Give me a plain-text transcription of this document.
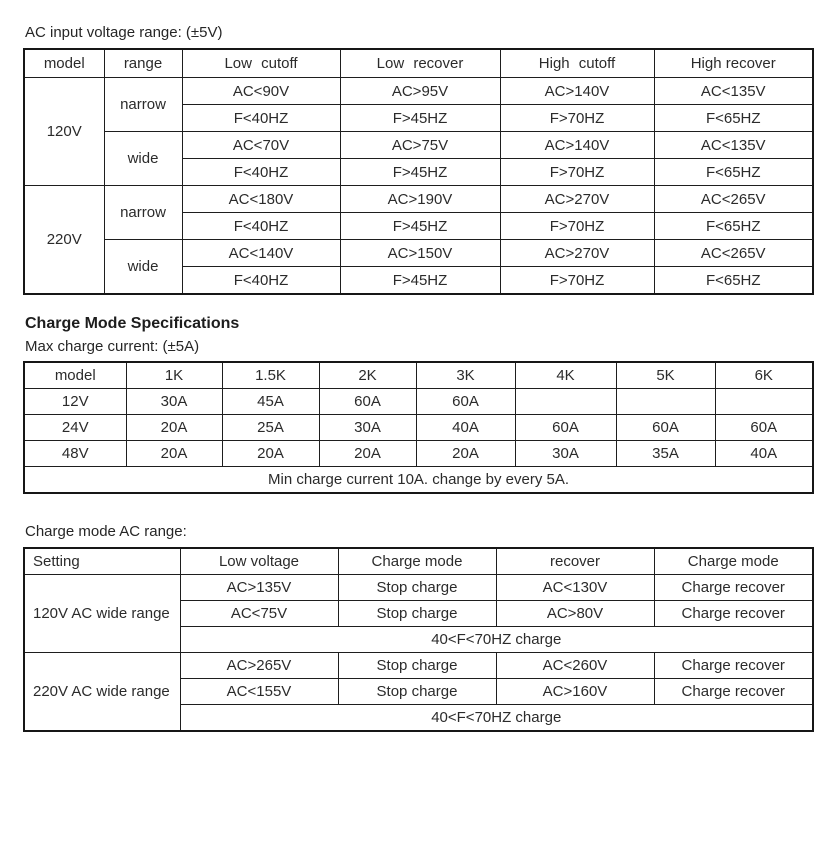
AC input voltage range: (±5V)

model	range	Low cutoff	Low recover	High cutoff	High recover
120V	narrow	AC<90V	AC>95V	AC>140V	AC<135V
		F<40HZ	F>45HZ	F>70HZ	F<65HZ
	wide	AC<70V	AC>75V	AC>140V	AC<135V
		F<40HZ	F>45HZ	F>70HZ	F<65HZ
220V	narrow	AC<180V	AC>190V	AC>270V	AC<265V
		F<40HZ	F>45HZ	F>70HZ	F<65HZ
	wide	AC<140V	AC>150V	AC>270V	AC<265V
		F<40HZ	F>45HZ	F>70HZ	F<65HZ

Charge Mode Specifications

Max charge current: (±5A)

model	1K	1.5K	2K	3K	4K	5K	6K
12V	30A	45A	60A	60A			
24V	20A	25A	30A	40A	60A	60A	60A
48V	20A	20A	20A	20A	30A	35A	40A
Min charge current 10A. change by every 5A.							

Charge mode AC range:

Setting	Low voltage	Charge mode	recover	Charge mode
120V AC wide range	AC>135V	Stop charge	AC<130V	Charge recover
	AC<75V	Stop charge	AC>80V	Charge recover
	40<F<70HZ charge			
220V AC wide range	AC>265V	Stop charge	AC<260V	Charge recover
	AC<155V	Stop charge	AC>160V	Charge recover
	40<F<70HZ charge			
